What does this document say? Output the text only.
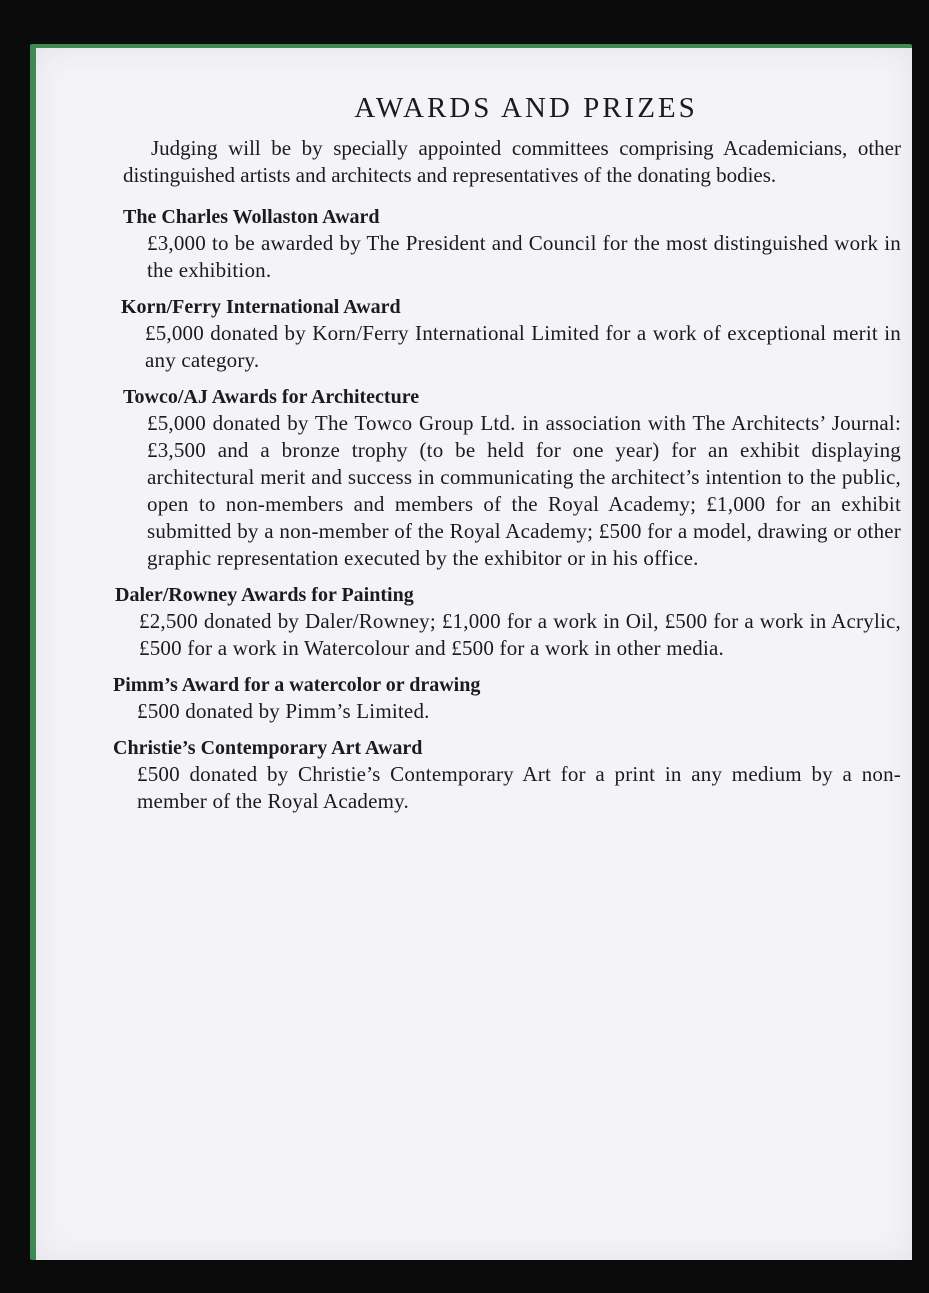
AWARDS AND PRIZES

Judging will be by specially appointed committees comprising Academicians, other distinguished artists and architects and representatives of the donating bodies.

The Charles Wollaston Award

£3,000 to be awarded by The President and Council for the most distinguished work in the exhibition.

Korn/Ferry International Award

£5,000 donated by Korn/Ferry International Limited for a work of exceptional merit in any category.

Towco/AJ Awards for Architecture

£5,000 donated by The Towco Group Ltd. in association with The Architects’ Journal: £3,500 and a bronze trophy (to be held for one year) for an exhibit displaying architectural merit and success in communicating the architect’s intention to the public, open to non-members and members of the Royal Academy; £1,000 for an exhibit submitted by a non-member of the Royal Academy; £500 for a model, drawing or other graphic representation executed by the exhibitor or in his office.

Daler/Rowney Awards for Painting

£2,500 donated by Daler/Rowney; £1,000 for a work in Oil, £500 for a work in Acrylic, £500 for a work in Watercolour and £500 for a work in other media.

Pimm’s Award for a watercolor or drawing

£500 donated by Pimm’s Limited.

Christie’s Contemporary Art Award

£500 donated by Christie’s Contemporary Art for a print in any medium by a non-member of the Royal Academy.
